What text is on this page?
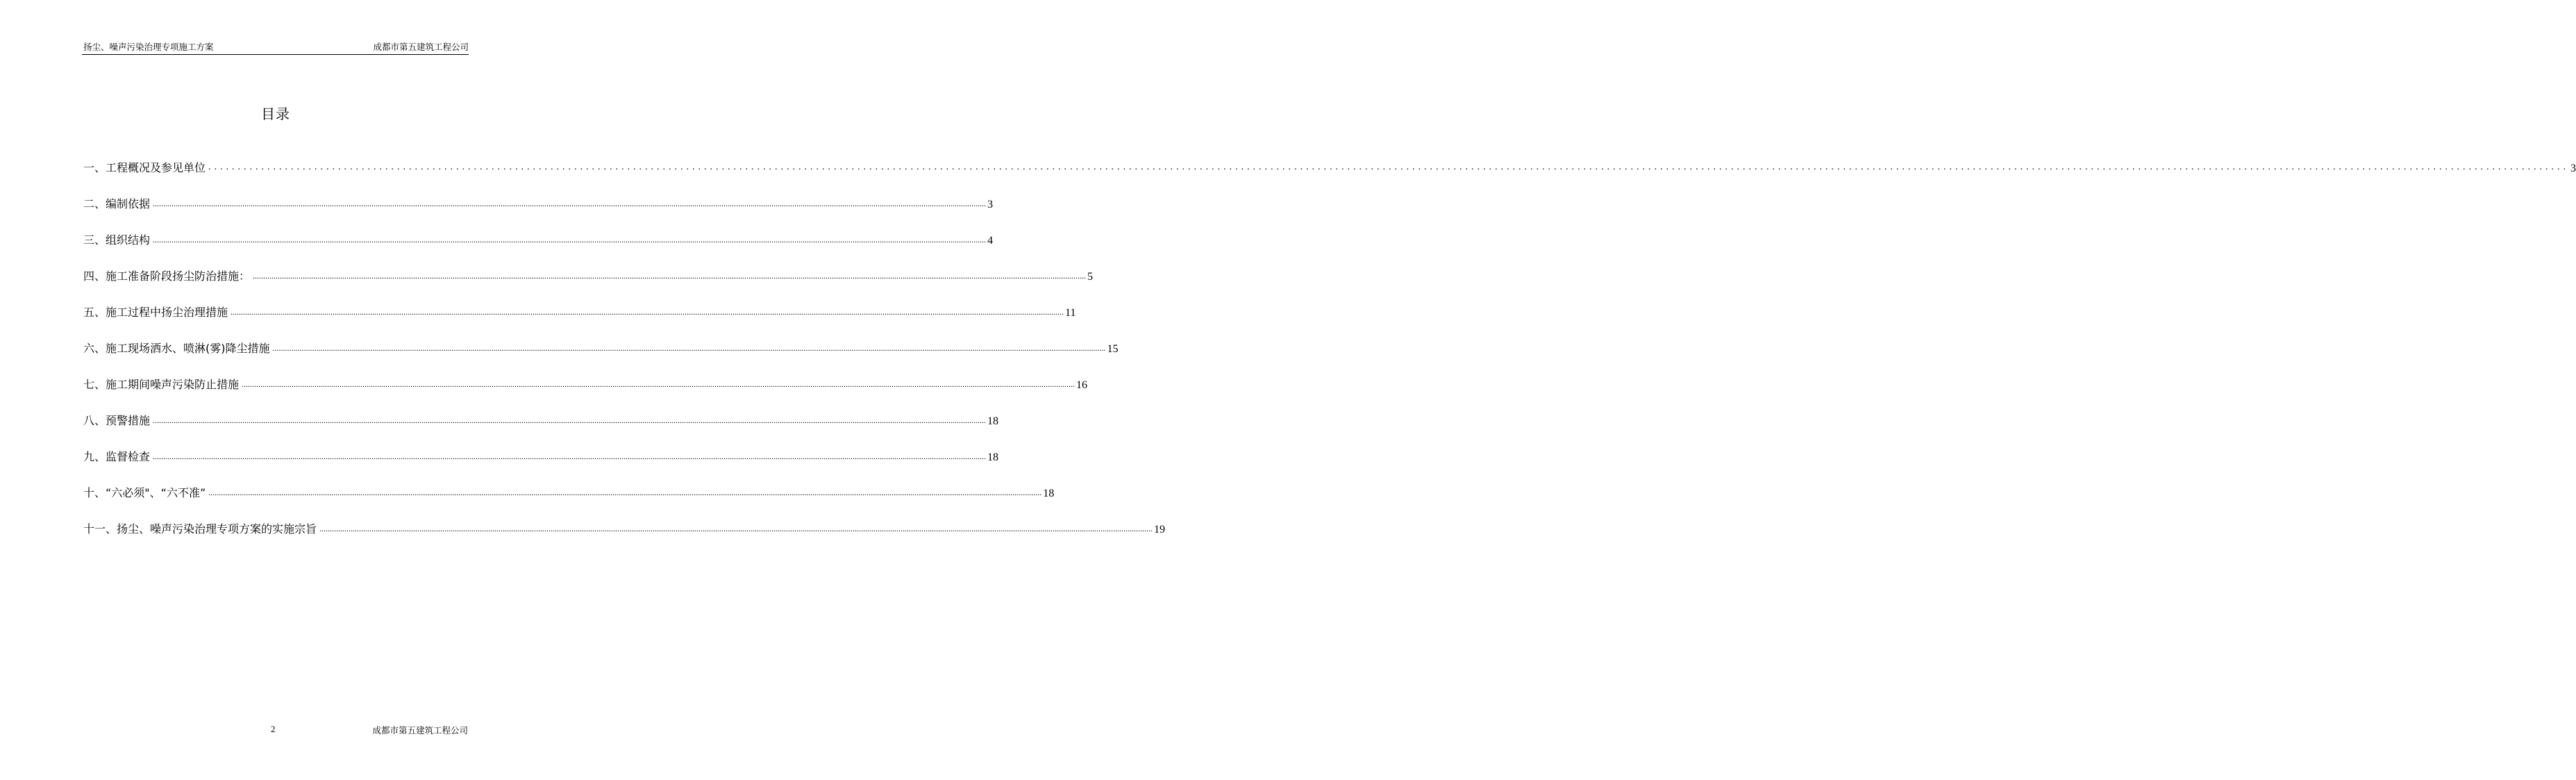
扬尘、噪声污染治理专项施工方案	成都市第五建筑工程公司
目录
一、工程概况及参见单位 ................................................................................................................................................................................................................................................................................................................................................................................................................ 3
二、编制依据 ................................................................................................................................................................................................................................................................................................................................................................................................................ 3
三、组织结构 ................................................................................................................................................................................................................................................................................................................................................................................................................ 4
四、施工准备阶段扬尘防治措施： ................................................................................................................................................................................................................................................................................................................................................................................................................ 5
五、施工过程中扬尘治理措施 ................................................................................................................................................................................................................................................................................................................................................................................................................ 11
六、施工现场洒水、喷淋(雾)降尘措施 ................................................................................................................................................................................................................................................................................................................................................................................................................ 15
七、施工期间噪声污染防止措施 ................................................................................................................................................................................................................................................................................................................................................................................................................ 16
八、预警措施 ................................................................................................................................................................................................................................................................................................................................................................................................................ 18
九、监督检查 ................................................................................................................................................................................................................................................................................................................................................................................................................ 18
十、“六必须"、“六不准” ................................................................................................................................................................................................................................................................................................................................................................................................................ 18
十一、扬尘、噪声污染治理专项方案的实施宗旨 ................................................................................................................................................................................................................................................................................................................................................................................................................ 19
2	成都市第五建筑工程公司
